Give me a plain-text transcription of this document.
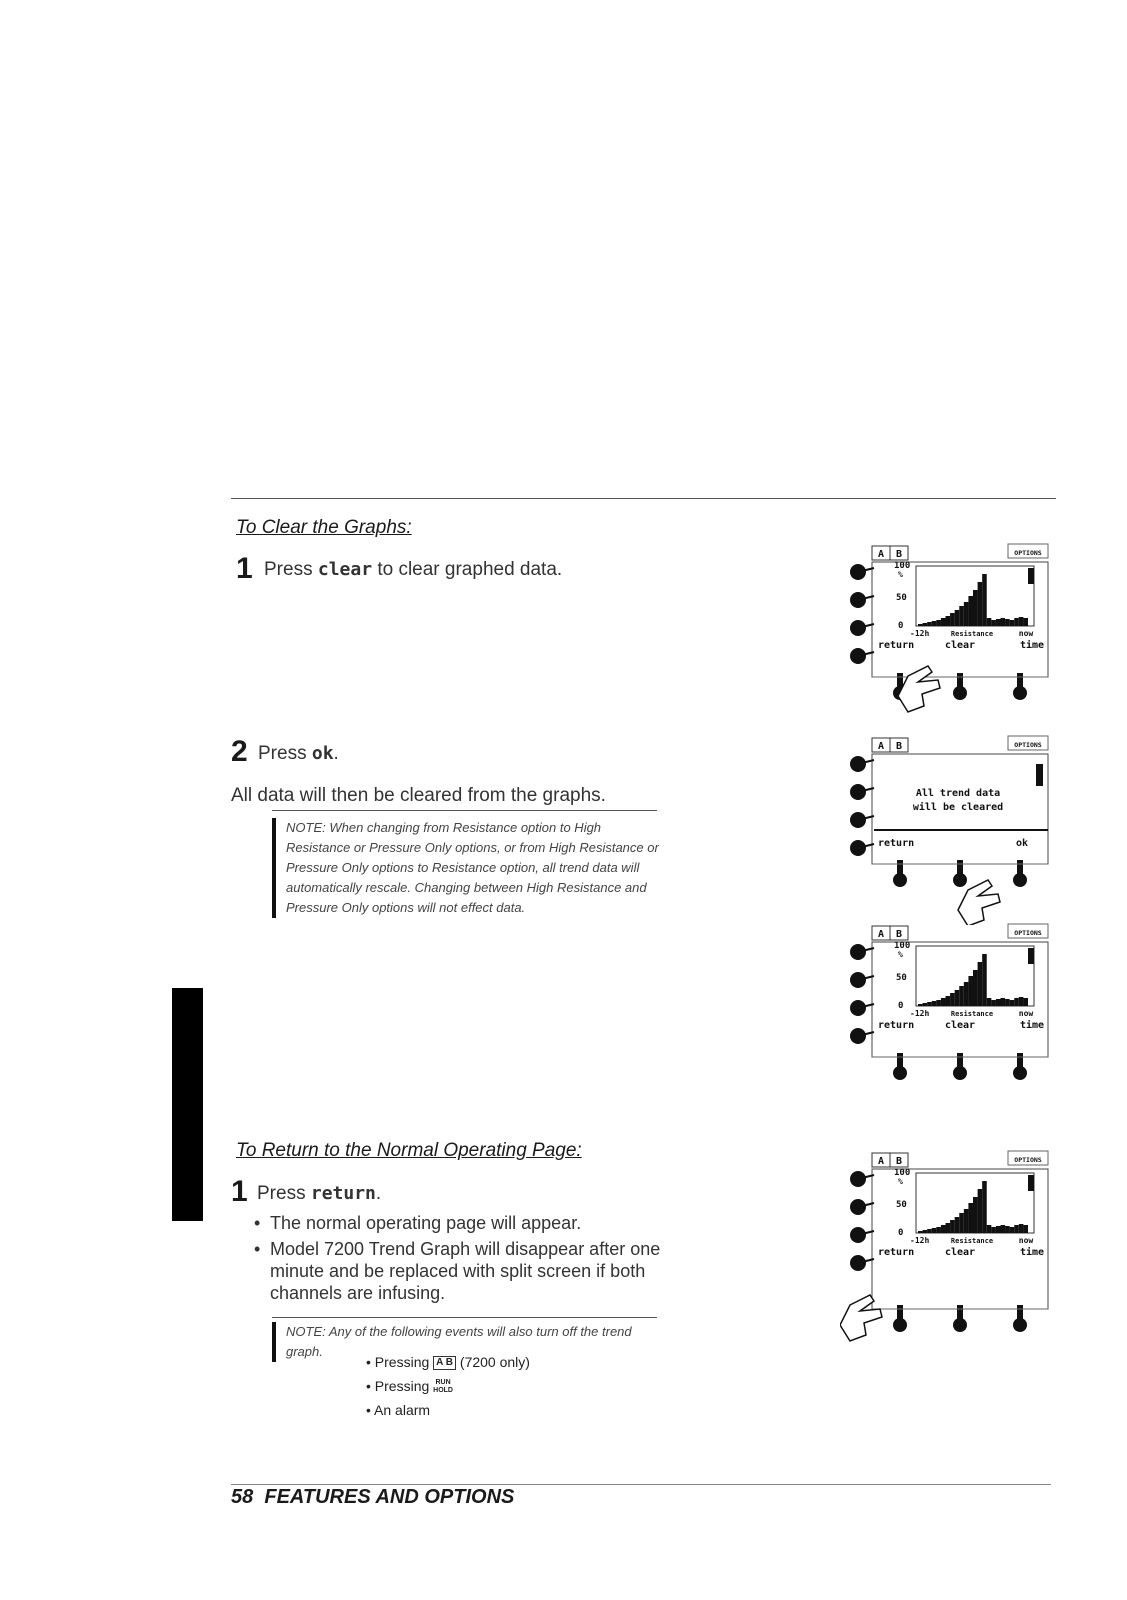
To Clear the Graphs:
1 Press clear to clear graphed data.
2 Press ok.
All data will then be cleared from the graphs.
NOTE: When changing from Resistance option to High
Resistance or Pressure Only options, or from High Resistance or
Pressure Only options to Resistance option, all trend data will
automatically rescale. Changing between High Resistance and
Pressure Only options will not effect data.
To Return to the Normal Operating Page:
1 Press return.
• The normal operating page will appear.
• Model 7200 Trend Graph will disappear after one minute and be replaced with split screen if both channels are infusing.
NOTE: Any of the following events will also turn off the trend graph.
• Pressing A B (7200 only)
• Pressing RUN
HOLD
• An alarm
A B	OPTIONS
100
%
50
0
-12h	Resistance	now
return	clear	time
A B	OPTIONS
All trend data
will be cleared
return	ok
A B	OPTIONS
100
%
50
0
-12h	Resistance	now
return	clear	time
A B	OPTIONS
100
%
50
0
-12h	Resistance	now
return	clear	time
58 FEATURES AND OPTIONS
